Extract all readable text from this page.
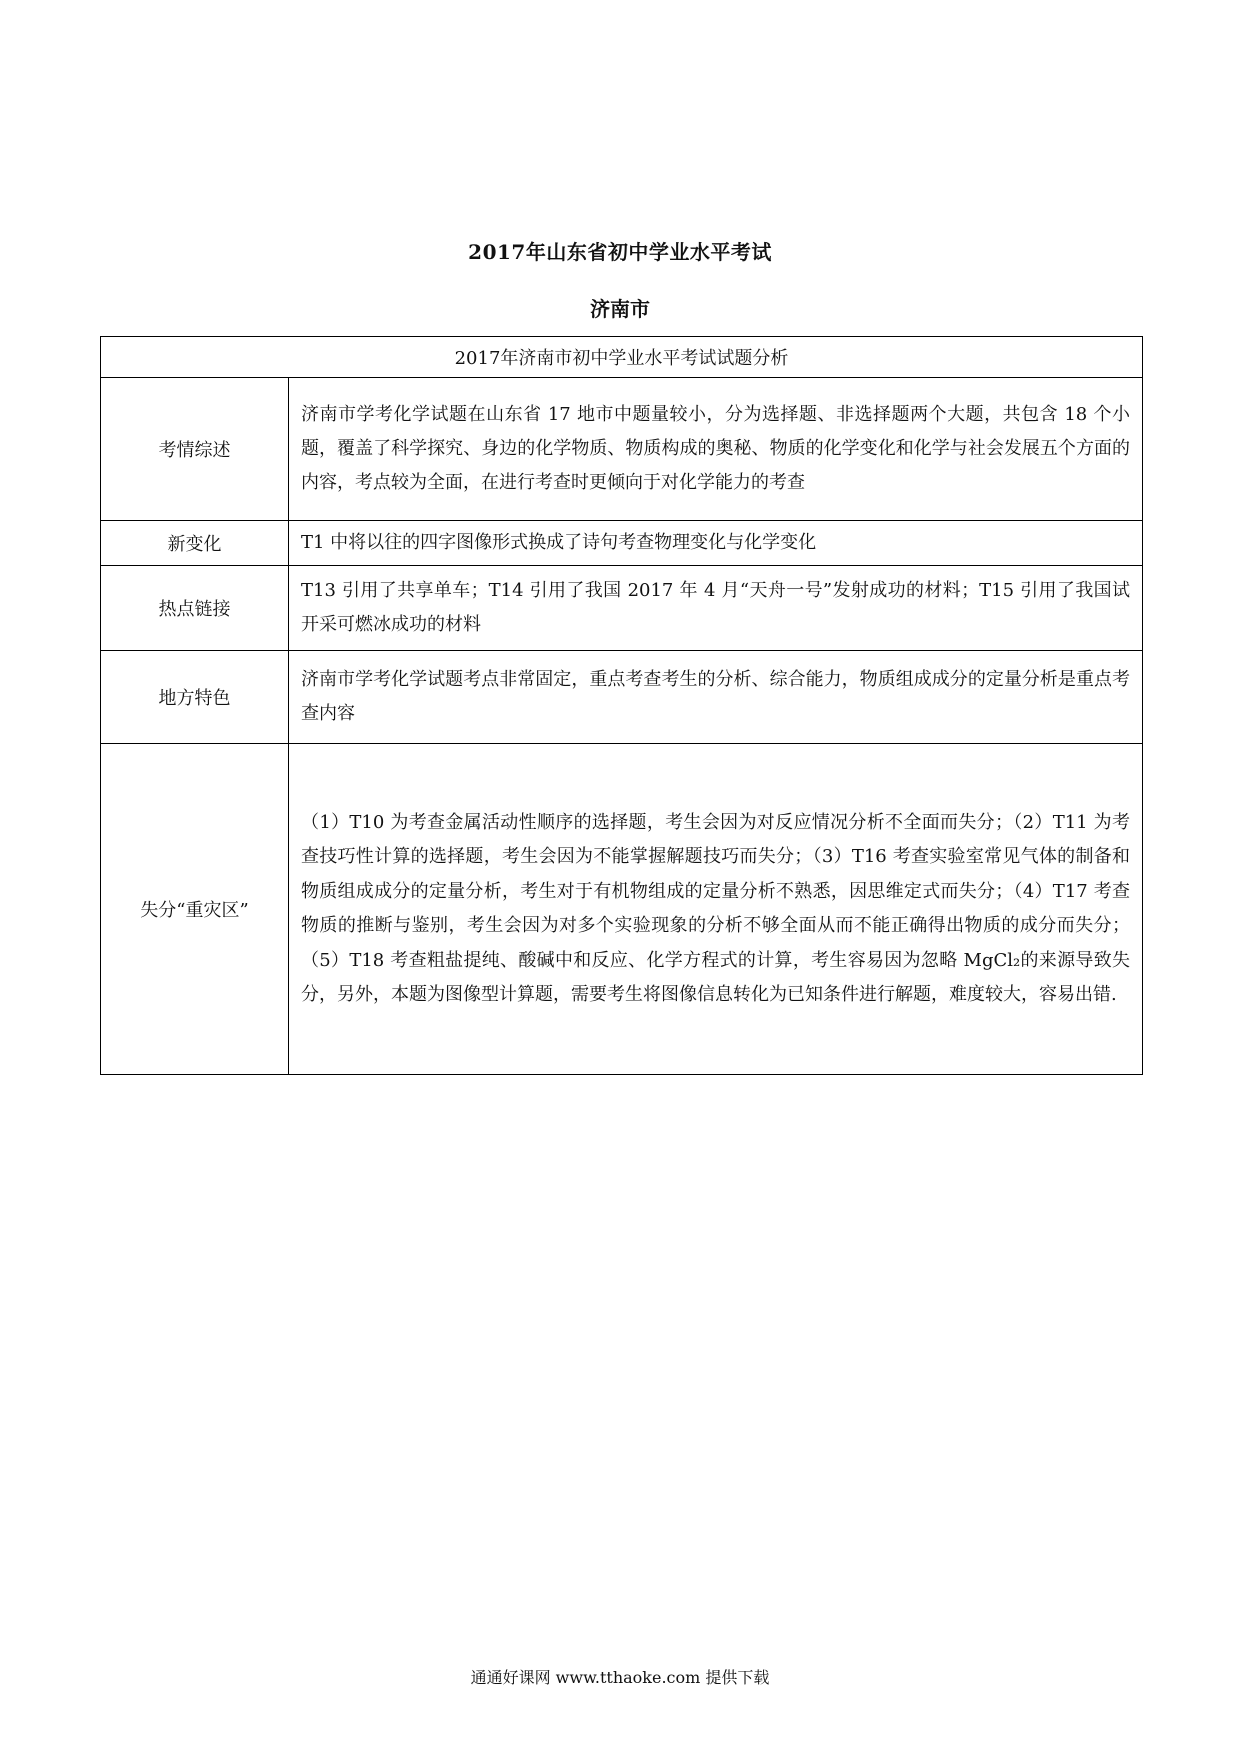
2017年山东省初中学业水平考试
济南市
2017年济南市初中学业水平考试试题分析	
考情综述	济南市学考化学试题在山东省 17 地市中题量较小，分为选择题、非选择题两个大题，共包含 18 个小题，覆盖了科学探究、身边的化学物质、物质构成的奥秘、物质的化学变化和化学与社会发展五个方面的内容，考点较为全面，在进行考查时更倾向于对化学能力的考查
新变化	T1 中将以往的四字图像形式换成了诗句考查物理变化与化学变化
热点链接	T13 引用了共享单车；T14 引用了我国 2017 年 4 月“天舟一号”发射成功的材料；T15 引用了我国试开采可燃冰成功的材料
地方特色	济南市学考化学试题考点非常固定，重点考查考生的分析、综合能力，物质组成成分的定量分析是重点考查内容
失分“重灾区”	（1）T10 为考查金属活动性顺序的选择题，考生会因为对反应情况分析不全面而失分；（2）T11 为考查技巧性计算的选择题，考生会因为不能掌握解题技巧而失分；（3）T16 考查实验室常见气体的制备和物质组成成分的定量分析，考生对于有机物组成的定量分析不熟悉，因思维定式而失分；（4）T17 考查物质的推断与鉴别，考生会因为对多个实验现象的分析不够全面从而不能正确得出物质的成分而失分；（5）T18 考查粗盐提纯、酸碱中和反应、化学方程式的计算，考生容易因为忽略 MgCl₂的来源导致失分，另外，本题为图像型计算题，需要考生将图像信息转化为已知条件进行解题，难度较大，容易出错.
通通好课网 www.tthaoke.com 提供下载
